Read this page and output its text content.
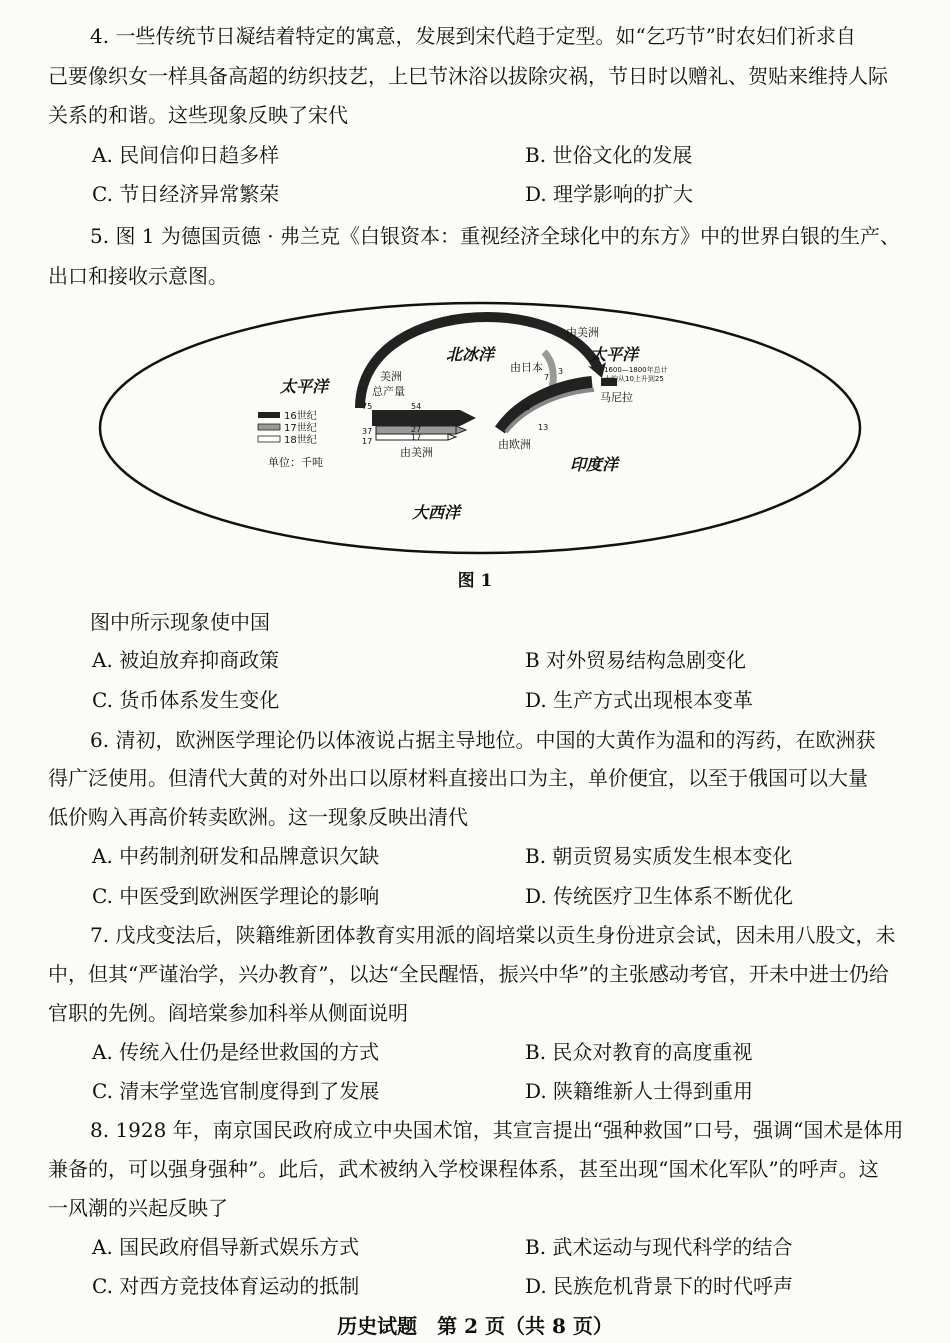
4. 一些传统节日凝结着特定的寓意，发展到宋代趋于定型。如“乞巧节”时农妇们祈求自
己要像织女一样具备高超的纺织技艺，上巳节沐浴以拔除灾祸，节日时以赠礼、贺贴来维持人际
关系的和谐。这些现象反映了宋代
A. 民间信仰日趋多样	B. 世俗文化的发展
C. 节日经济异常繁荣	D. 理学影响的扩大
5. 图 1 为德国贡德 · 弗兰克《白银资本：重视经济全球化中的东方》中的世界白银的生产、
出口和接收示意图。
16世纪
17世纪
18世纪
单位：千吨
太平洋
北冰洋	太平洋
印度洋
大西洋
由美洲
由日本
美洲
总产量
由美洲
由欧洲
马尼拉
1600—1800年总计
大约从10上升到25
75	54
37
17
27
17
7
3
26
13
图 1
图中所示现象使中国
A. 被迫放弃抑商政策	B 对外贸易结构急剧变化
C. 货币体系发生变化	D. 生产方式出现根本变革
6. 清初，欧洲医学理论仍以体液说占据主导地位。中国的大黄作为温和的泻药，在欧洲获
得广泛使用。但清代大黄的对外出口以原材料直接出口为主，单价便宜，以至于俄国可以大量
低价购入再高价转卖欧洲。这一现象反映出清代
A. 中药制剂研发和品牌意识欠缺	B. 朝贡贸易实质发生根本变化
C. 中医受到欧洲医学理论的影响	D. 传统医疗卫生体系不断优化
7. 戊戌变法后，陕籍维新团体教育实用派的阎培棠以贡生身份进京会试，因未用八股文，未
中，但其“严谨治学，兴办教育”，以达“全民醒悟，振兴中华”的主张感动考官，开未中进士仍给
官职的先例。阎培棠参加科举从侧面说明
A. 传统入仕仍是经世救国的方式	B. 民众对教育的高度重视
C. 清末学堂选官制度得到了发展	D. 陕籍维新人士得到重用
8. 1928 年，南京国民政府成立中央国术馆，其宣言提出“强种救国”口号，强调“国术是体用
兼备的，可以强身强种”。此后，武术被纳入学校课程体系，甚至出现“国术化军队”的呼声。这
一风潮的兴起反映了
A. 国民政府倡导新式娱乐方式	B. 武术运动与现代科学的结合
C. 对西方竞技体育运动的抵制	D. 民族危机背景下的时代呼声
历史试题　第 2 页（共 8 页）
